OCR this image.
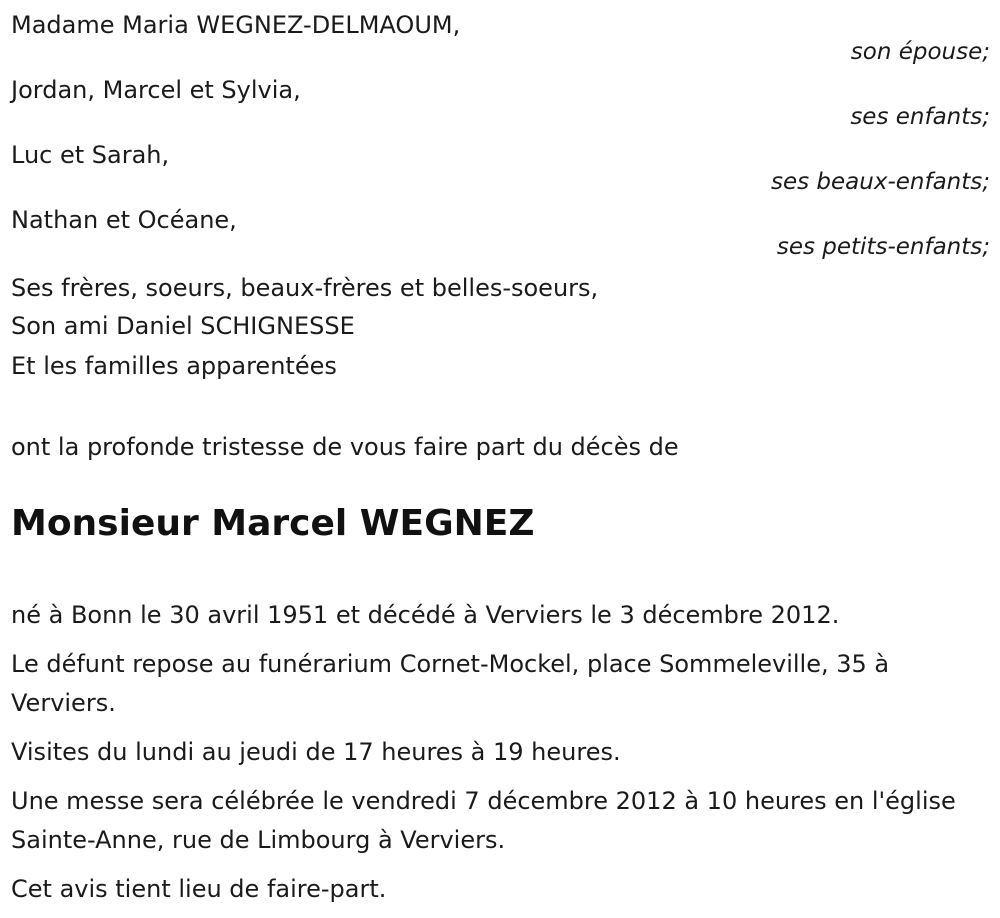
Madame Maria WEGNEZ-DELMAOUM,

son épouse;

Jordan, Marcel et Sylvia,

ses enfants;

Luc et Sarah,

ses beaux-enfants;

Nathan et Océane,

ses petits-enfants;

Ses frères, soeurs, beaux-frères et belles-soeurs,

Son ami Daniel SCHIGNESSE

Et les familles apparentées

ont la profonde tristesse de vous faire part du décès de

Monsieur Marcel WEGNEZ

né à Bonn le 30 avril 1951 et décédé à Verviers le 3 décembre 2012.

Le défunt repose au funérarium Cornet-Mockel, place Sommeleville, 35 à Verviers.

Visites du lundi au jeudi de 17 heures à 19 heures.

Une messe sera célébrée le vendredi 7 décembre 2012 à 10 heures en l'église Sainte-Anne, rue de Limbourg à Verviers.

Cet avis tient lieu de faire-part.
